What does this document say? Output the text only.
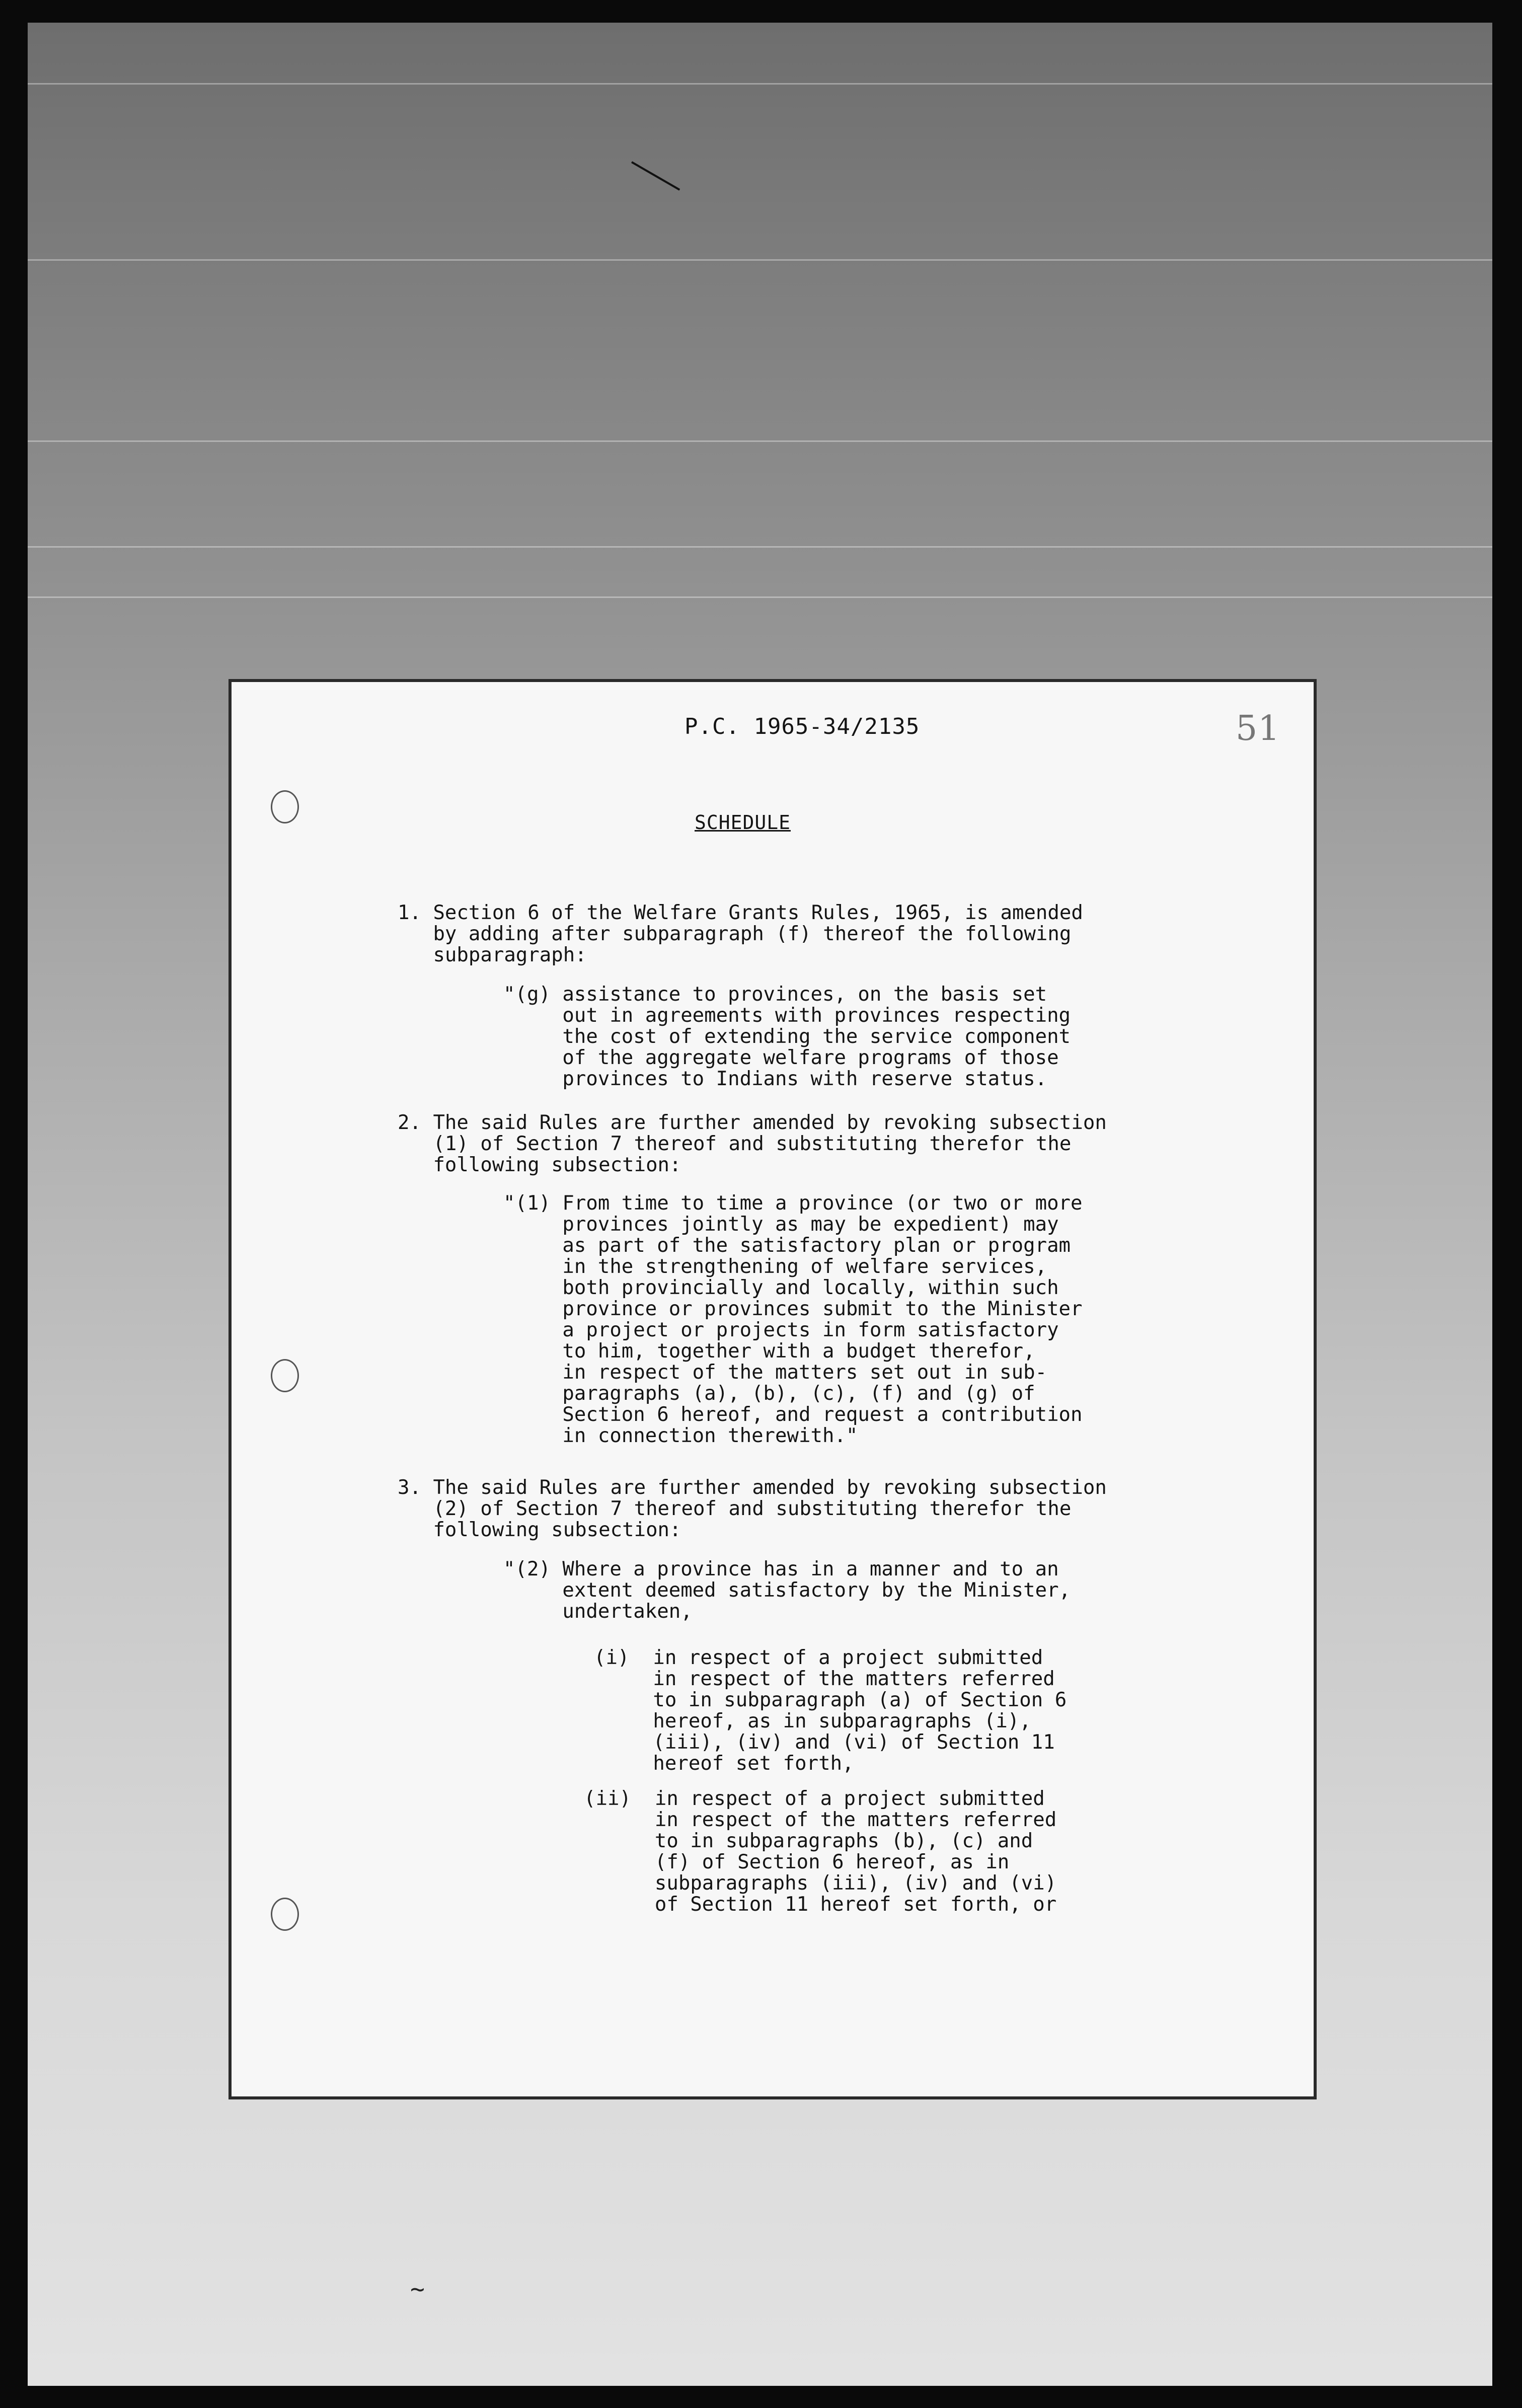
P.C. 1965-34/2135	51
SCHEDULE
1. Section 6 of the Welfare Grants Rules, 1965, is amended
by adding after subparagraph (f) thereof the following
subparagraph:
"(g) assistance to provinces, on the basis set
out in agreements with provinces respecting
the cost of extending the service component
of the aggregate welfare programs of those
provinces to Indians with reserve status.
2. The said Rules are further amended by revoking subsection
(1) of Section 7 thereof and substituting therefor the
following subsection:
"(1) From time to time a province (or two or more
provinces jointly as may be expedient) may
as part of the satisfactory plan or program
in the strengthening of welfare services,
both provincially and locally, within such
province or provinces submit to the Minister
a project or projects in form satisfactory
to him, together with a budget therefor,
in respect of the matters set out in sub-
paragraphs (a), (b), (c), (f) and (g) of
Section 6 hereof, and request a contribution
in connection therewith."
3. The said Rules are further amended by revoking subsection
(2) of Section 7 thereof and substituting therefor the
following subsection:
"(2) Where a province has in a manner and to an
extent deemed satisfactory by the Minister,
undertaken,
(i)  in respect of a project submitted
in respect of the matters referred
to in subparagraph (a) of Section 6
hereof, as in subparagraphs (i),
(iii), (iv) and (vi) of Section 11
hereof set forth,
(ii)  in respect of a project submitted
in respect of the matters referred
to in subparagraphs (b), (c) and
(f) of Section 6 hereof, as in
subparagraphs (iii), (iv) and (vi)
of Section 11 hereof set forth, or
~
